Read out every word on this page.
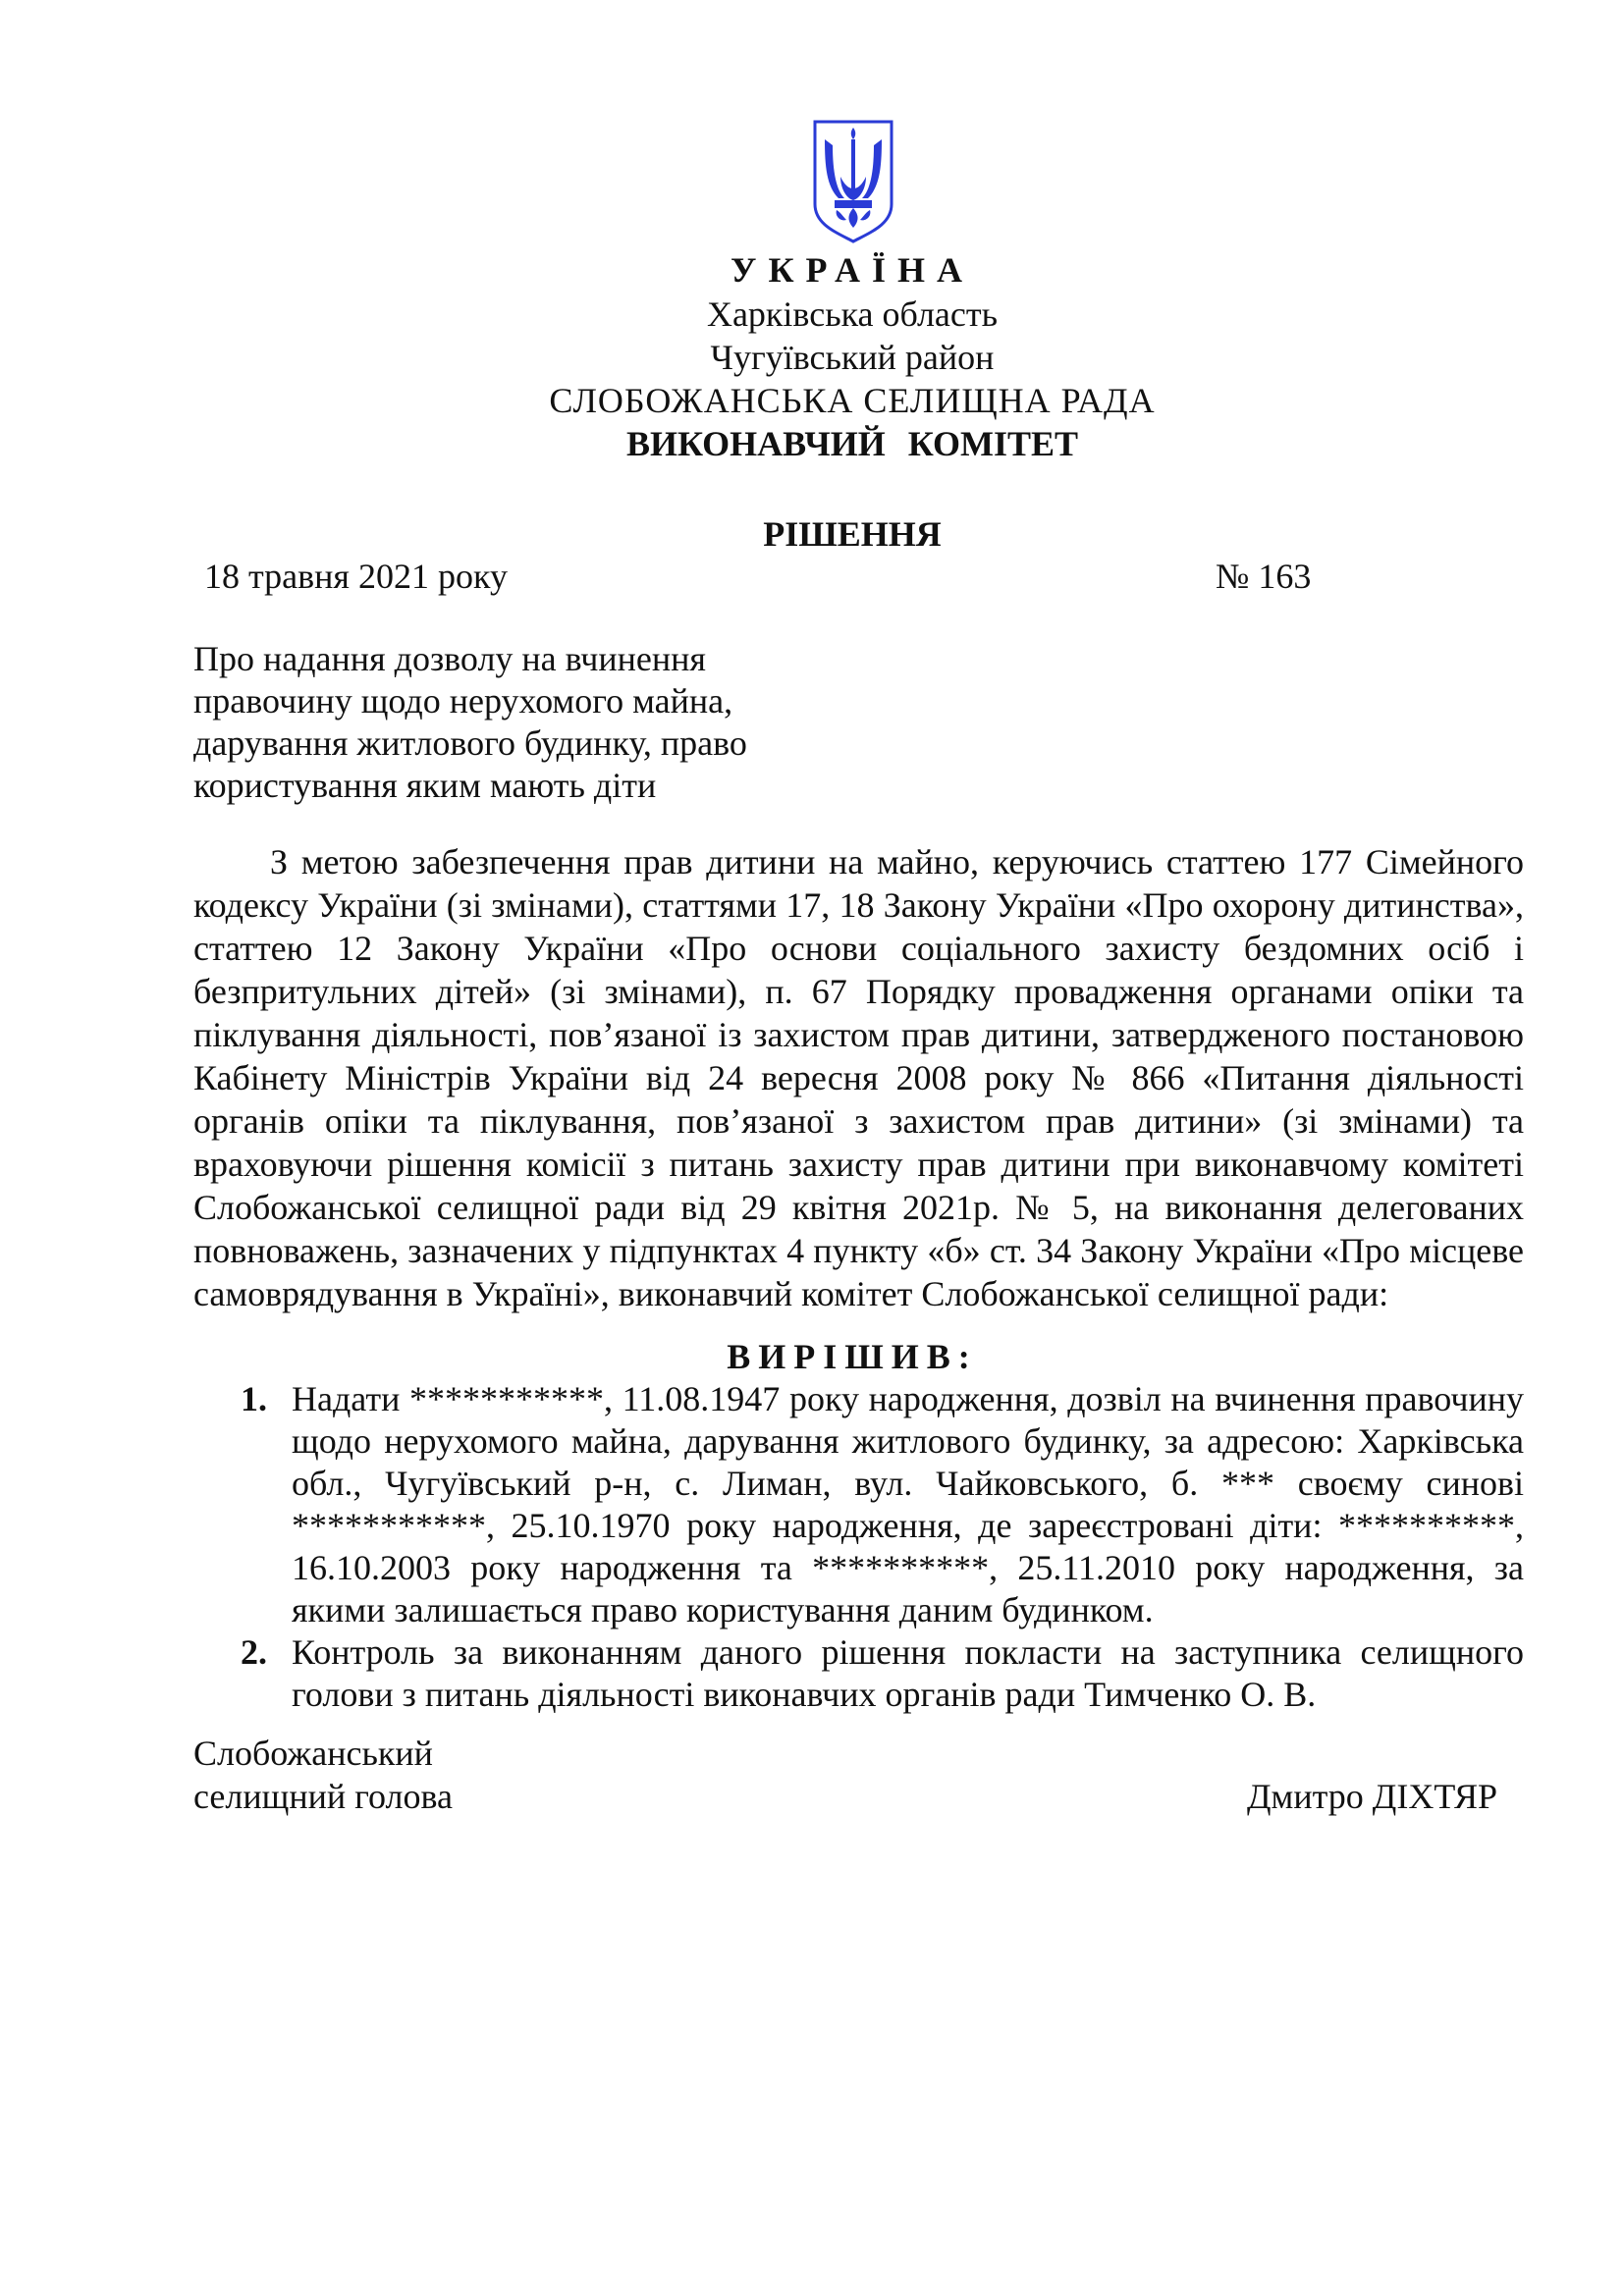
УКРАЇНА
Харківська область
Чугуївський район
СЛОБОЖАНСЬКА СЕЛИЩНА РАДА
ВИКОНАВЧИЙ КОМІТЕТ
РІШЕННЯ
18 травня 2021 року	№ 163
Про надання дозволу на вчинення
правочину щодо нерухомого майна,
дарування житлового будинку, право
користування яким мають діти
З метою забезпечення прав дитини на майно, керуючись статтею 177 Сімейного кодексу України (зі змінами), статтями 17, 18 Закону України «Про охорону дитинства», статтею 12 Закону України «Про основи соціального захисту бездомних осіб і безпритульних дітей» (зі змінами), п. 67 Порядку провадження органами опіки та піклування діяльності, пов’язаної із захистом прав дитини, затвердженого постановою Кабінету Міністрів України від 24 вересня 2008 року № 866 «Питання діяльності органів опіки та піклування, пов’язаної з захистом прав дитини» (зі змінами) та враховуючи рішення комісії з питань захисту прав дитини при виконавчому комітеті Слобожанської селищної ради від 29 квітня 2021р. № 5, на виконання делегованих повноважень, зазначених у підпунктах 4 пункту «б» ст. 34 Закону України «Про місцеве самоврядування в Україні», виконавчий комітет Слобожанської селищної ради:
ВИРІШИВ:
1. Надати ***********, 11.08.1947 року народження, дозвіл на вчинення правочину щодо нерухомого майна, дарування житлового будинку, за адресою: Харківська обл., Чугуївський р-н, с. Лиман, вул. Чайковського, б. *** своєму синові ***********, 25.10.1970 року народження, де зареєстровані діти: **********, 16.10.2003 року народження та **********, 25.11.2010 року народження, за якими залишається право користування даним будинком.
2. Контроль за виконанням даного рішення покласти на заступника селищного голови з питань діяльності виконавчих органів ради Тимченко О. В.
Слобожанський
селищний голова	Дмитро ДІХТЯР
